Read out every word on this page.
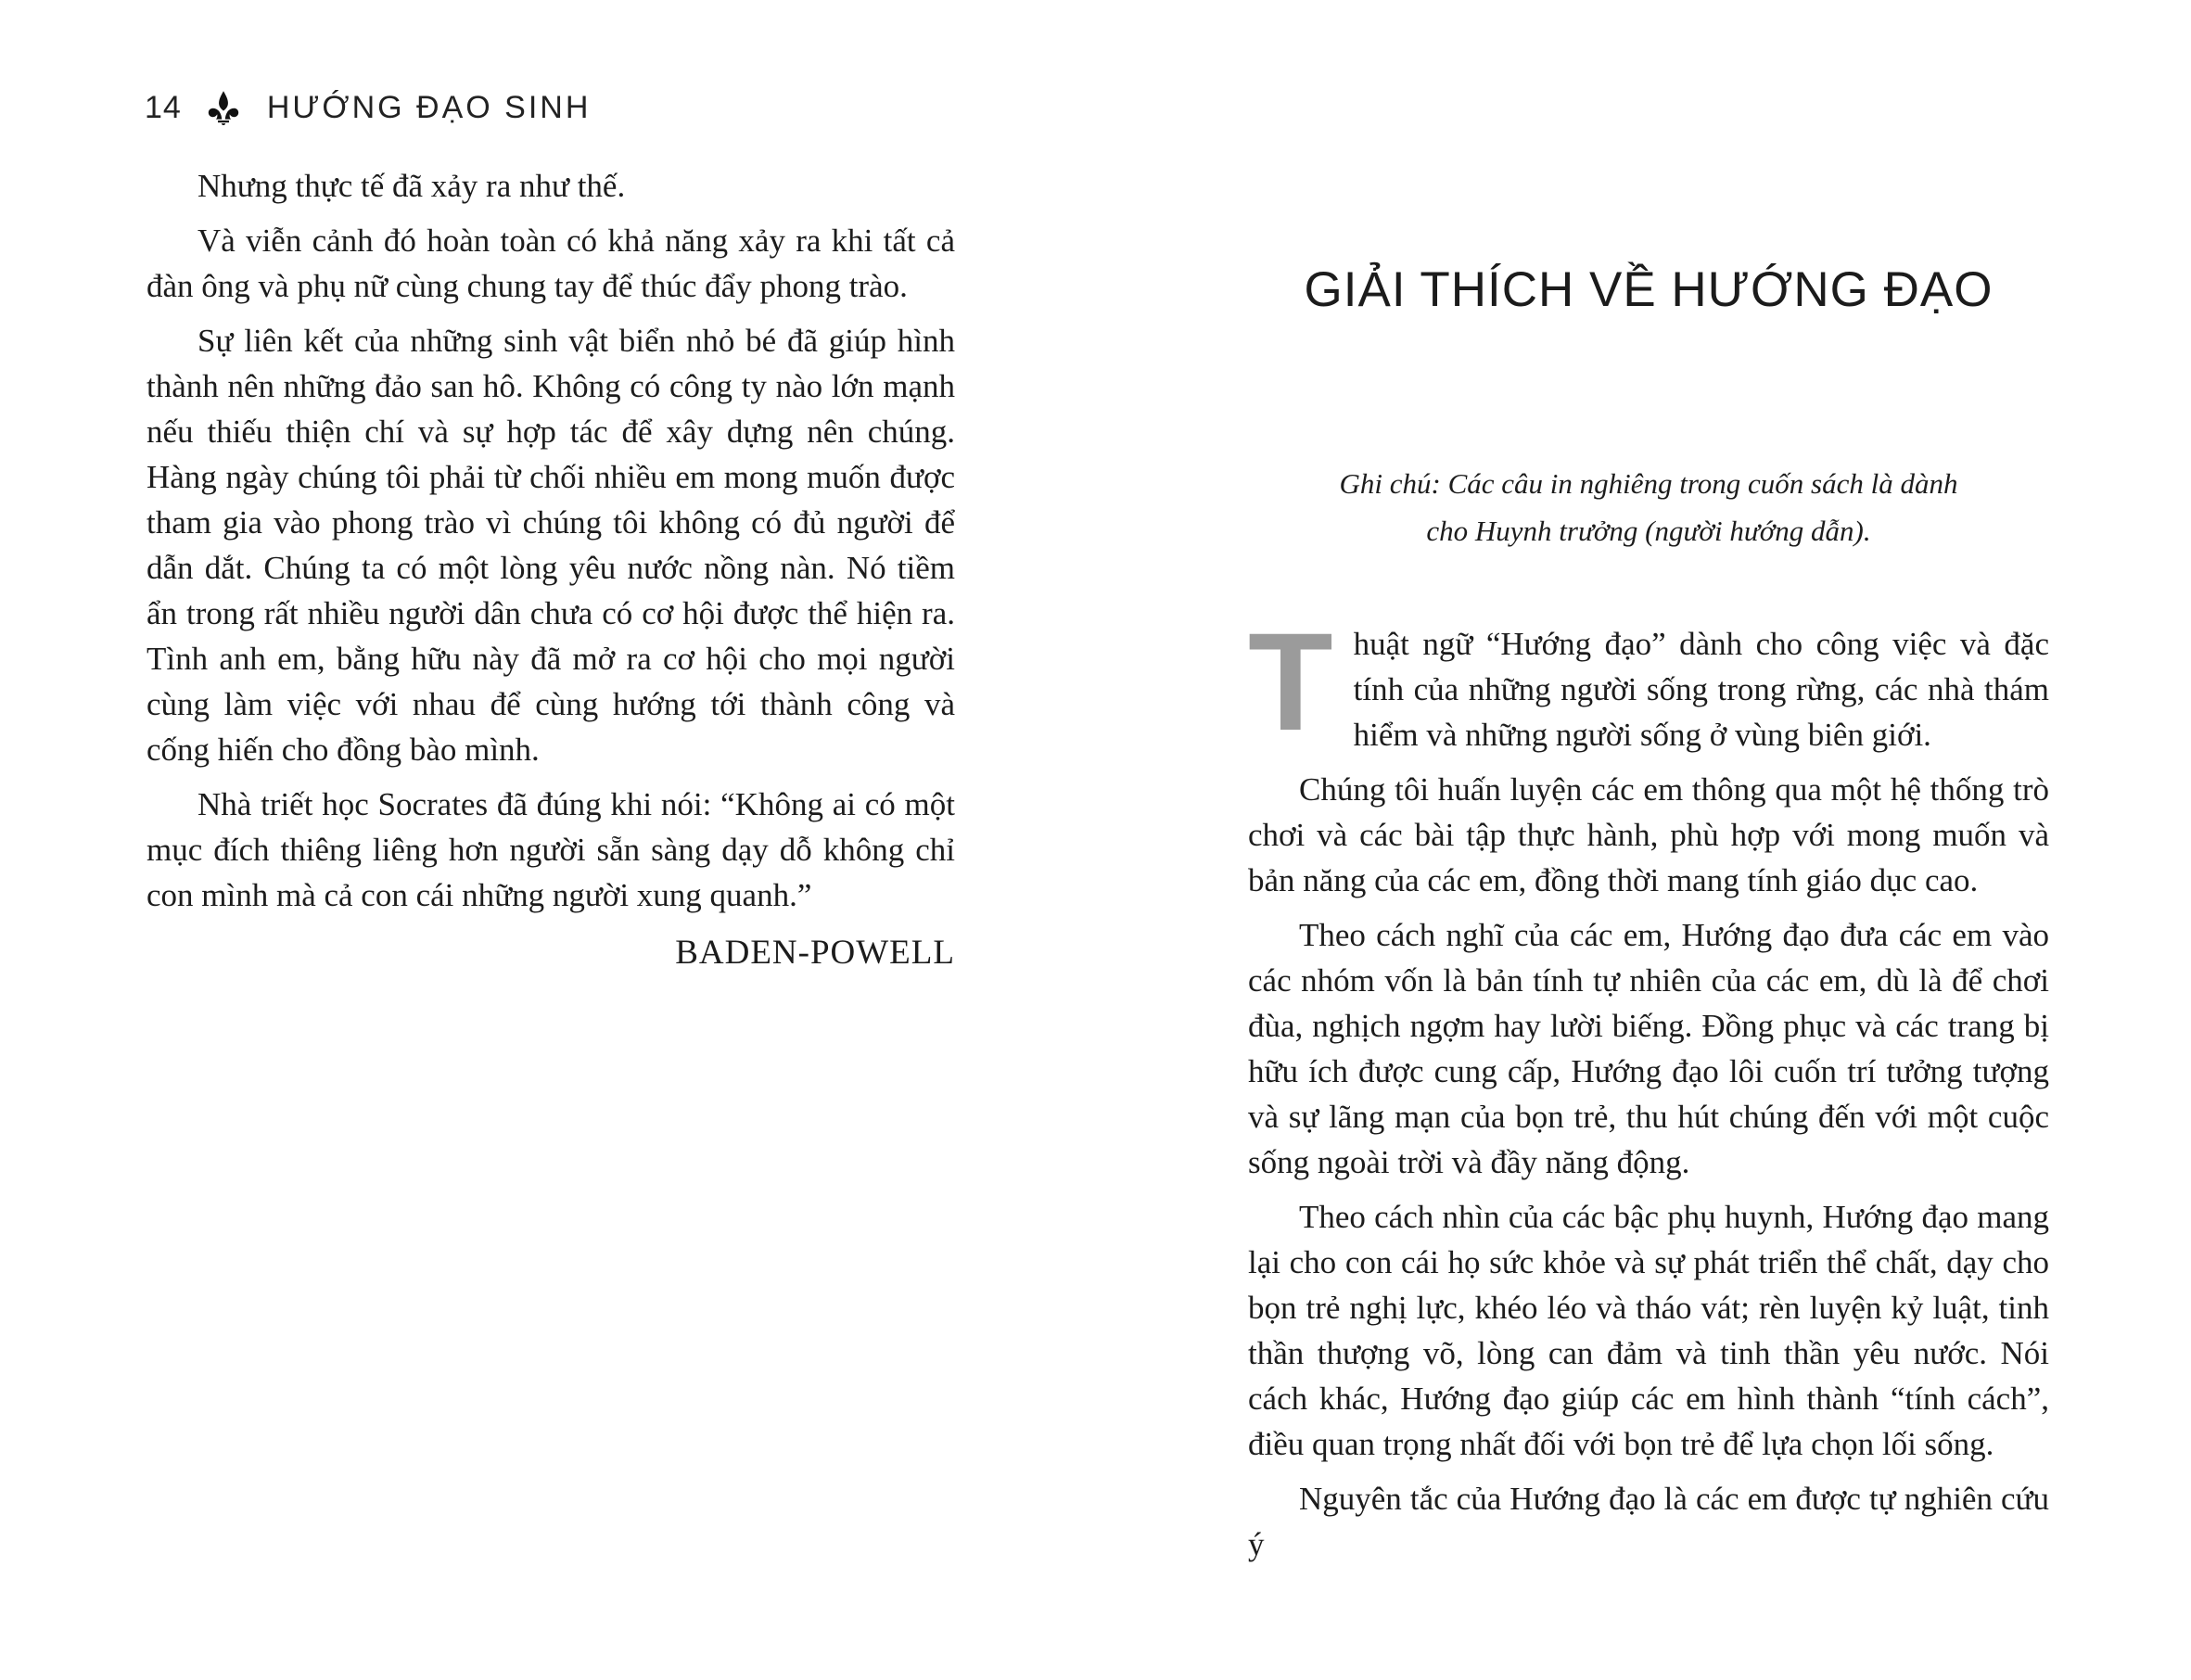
14	HƯỚNG ĐẠO SINH

Nhưng thực tế đã xảy ra như thế.

Và viễn cảnh đó hoàn toàn có khả năng xảy ra khi tất cả đàn ông và phụ nữ cùng chung tay để thúc đẩy phong trào.

Sự liên kết của những sinh vật biển nhỏ bé đã giúp hình thành nên những đảo san hô. Không có công ty nào lớn mạnh nếu thiếu thiện chí và sự hợp tác để xây dựng nên chúng. Hàng ngày chúng tôi phải từ chối nhiều em mong muốn được tham gia vào phong trào vì chúng tôi không có đủ người để dẫn dắt. Chúng ta có một lòng yêu nước nồng nàn. Nó tiềm ẩn trong rất nhiều người dân chưa có cơ hội được thể hiện ra. Tình anh em, bằng hữu này đã mở ra cơ hội cho mọi người cùng làm việc với nhau để cùng hướng tới thành công và cống hiến cho đồng bào mình.

Nhà triết học Socrates đã đúng khi nói: “Không ai có một mục đích thiêng liêng hơn người sẵn sàng dạy dỗ không chỉ con mình mà cả con cái những người xung quanh.”

BADEN-POWELL
GIẢI THÍCH VỀ HƯỚNG ĐẠO

Ghi chú: Các câu in nghiêng trong cuốn sách là dành cho Huynh trưởng (người hướng dẫn).

Thuật ngữ “Hướng đạo” dành cho công việc và đặc tính của những người sống trong rừng, các nhà thám hiểm và những người sống ở vùng biên giới.

Chúng tôi huấn luyện các em thông qua một hệ thống trò chơi và các bài tập thực hành, phù hợp với mong muốn và bản năng của các em, đồng thời mang tính giáo dục cao.

Theo cách nghĩ của các em, Hướng đạo đưa các em vào các nhóm vốn là bản tính tự nhiên của các em, dù là để chơi đùa, nghịch ngợm hay lười biếng. Đồng phục và các trang bị hữu ích được cung cấp, Hướng đạo lôi cuốn trí tưởng tượng và sự lãng mạn của bọn trẻ, thu hút chúng đến với một cuộc sống ngoài trời và đầy năng động.

Theo cách nhìn của các bậc phụ huynh, Hướng đạo mang lại cho con cái họ sức khỏe và sự phát triển thể chất, dạy cho bọn trẻ nghị lực, khéo léo và tháo vát; rèn luyện kỷ luật, tinh thần thượng võ, lòng can đảm và tinh thần yêu nước. Nói cách khác, Hướng đạo giúp các em hình thành “tính cách”, điều quan trọng nhất đối với bọn trẻ để lựa chọn lối sống.

Nguyên tắc của Hướng đạo là các em được tự nghiên cứu ý
